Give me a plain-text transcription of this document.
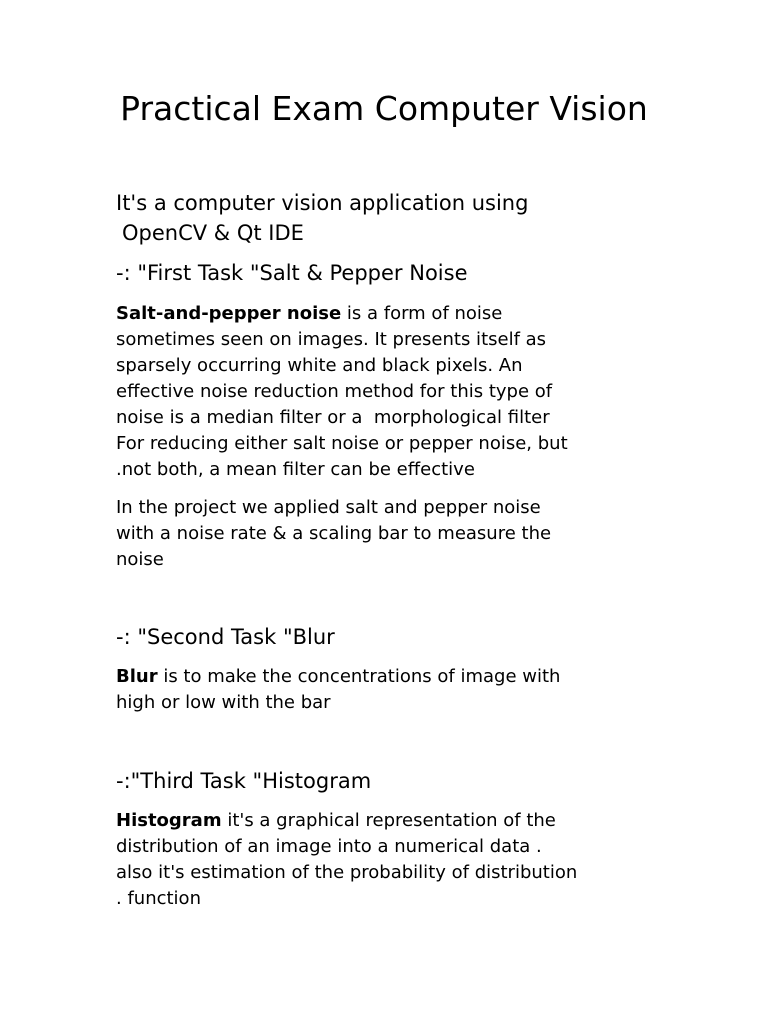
Practical Exam Computer Vision

It's a computer vision application using
OpenCV & Qt IDE

-: "First Task "Salt & Pepper Noise

Salt-and-pepper noise is a form of noise
sometimes seen on images. It presents itself as
sparsely occurring white and black pixels. An
effective noise reduction method for this type of
noise is a median filter or a  morphological filter
For reducing either salt noise or pepper noise, but
.not both, a mean filter can be effective

In the project we applied salt and pepper noise
with a noise rate & a scaling bar to measure the
noise

-: "Second Task "Blur

Blur is to make the concentrations of image with
high or low with the bar

-:"Third Task "Histogram

Histogram it's a graphical representation of the
distribution of an image into a numerical data .
also it's estimation of the probability of distribution
. function
